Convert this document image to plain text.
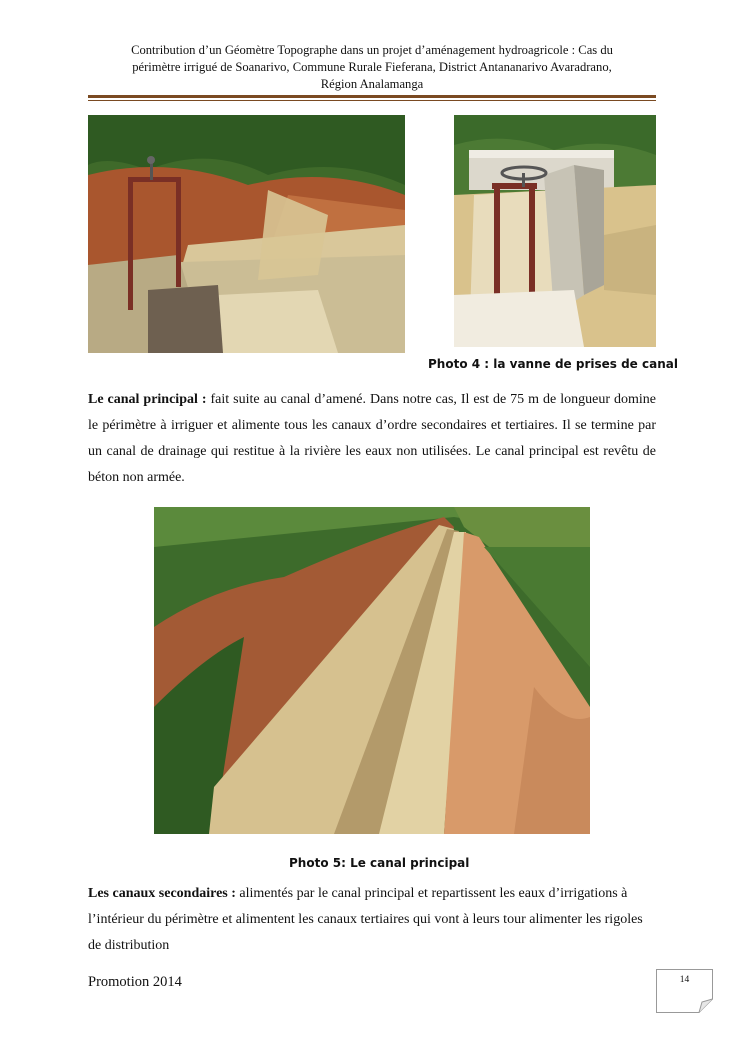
Contribution d’un Géomètre Topographe dans un projet d’aménagement hydroagricole : Cas du
périmètre irrigué de Soanarivo, Commune Rurale Fieferana, District Antananarivo Avaradrano,
Région Analamanga
Photo 4 : la vanne de prises de canal
Le canal principal : fait suite au canal d’amené. Dans notre cas, Il est de 75 m de longueur domine le périmètre à irriguer et alimente tous les canaux d’ordre secondaires et tertiaires. Il se termine par un canal de drainage qui restitue à la rivière les eaux non utilisées. Le canal principal est revêtu de béton non armée.
Photo 5: Le canal principal
Les canaux secondaires : alimentés par le canal principal et repartissent les eaux d’irrigations à l’intérieur du périmètre et alimentent les canaux tertiaires qui vont à leurs tour alimenter les rigoles de distribution
Promotion 2014	14
